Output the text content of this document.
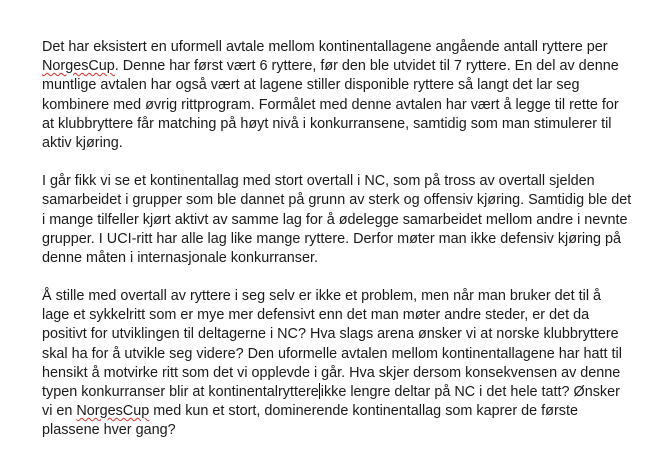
Det har eksistert en uformell avtale mellom kontinentallagene angående antall ryttere per
NorgesCup. Denne har først vært 6 ryttere, før den ble utvidet til 7 ryttere. En del av denne
muntlige avtalen har også vært at lagene stiller disponible ryttere så langt det lar seg
kombinere med øvrig rittprogram. Formålet med denne avtalen har vært å legge til rette for
at klubbryttere får matching på høyt nivå i konkurransene, samtidig som man stimulerer til
aktiv kjøring.

I går fikk vi se et kontinentallag med stort overtall i NC, som på tross av overtall sjelden
samarbeidet i grupper som ble dannet på grunn av sterk og offensiv kjøring. Samtidig ble det
i mange tilfeller kjørt aktivt av samme lag for å ødelegge samarbeidet mellom andre i nevnte
grupper. I UCI-ritt har alle lag like mange ryttere. Derfor møter man ikke defensiv kjøring på
denne måten i internasjonale konkurranser.

Å stille med overtall av ryttere i seg selv er ikke et problem, men når man bruker det til å
lage et sykkelritt som er mye mer defensivt enn det man møter andre steder, er det da
positivt for utviklingen til deltagerne i NC? Hva slags arena ønsker vi at norske klubbryttere
skal ha for å utvikle seg videre? Den uformelle avtalen mellom kontinentallagene har hatt til
hensikt å motvirke ritt som det vi opplevde i går. Hva skjer dersom konsekvensen av denne
typen konkurranser blir at kontinentalryttere ikke lengre deltar på NC i det hele tatt? Ønsker
vi en NorgesCup med kun et stort, dominerende kontinentallag som kaprer de første
plassene hver gang?
